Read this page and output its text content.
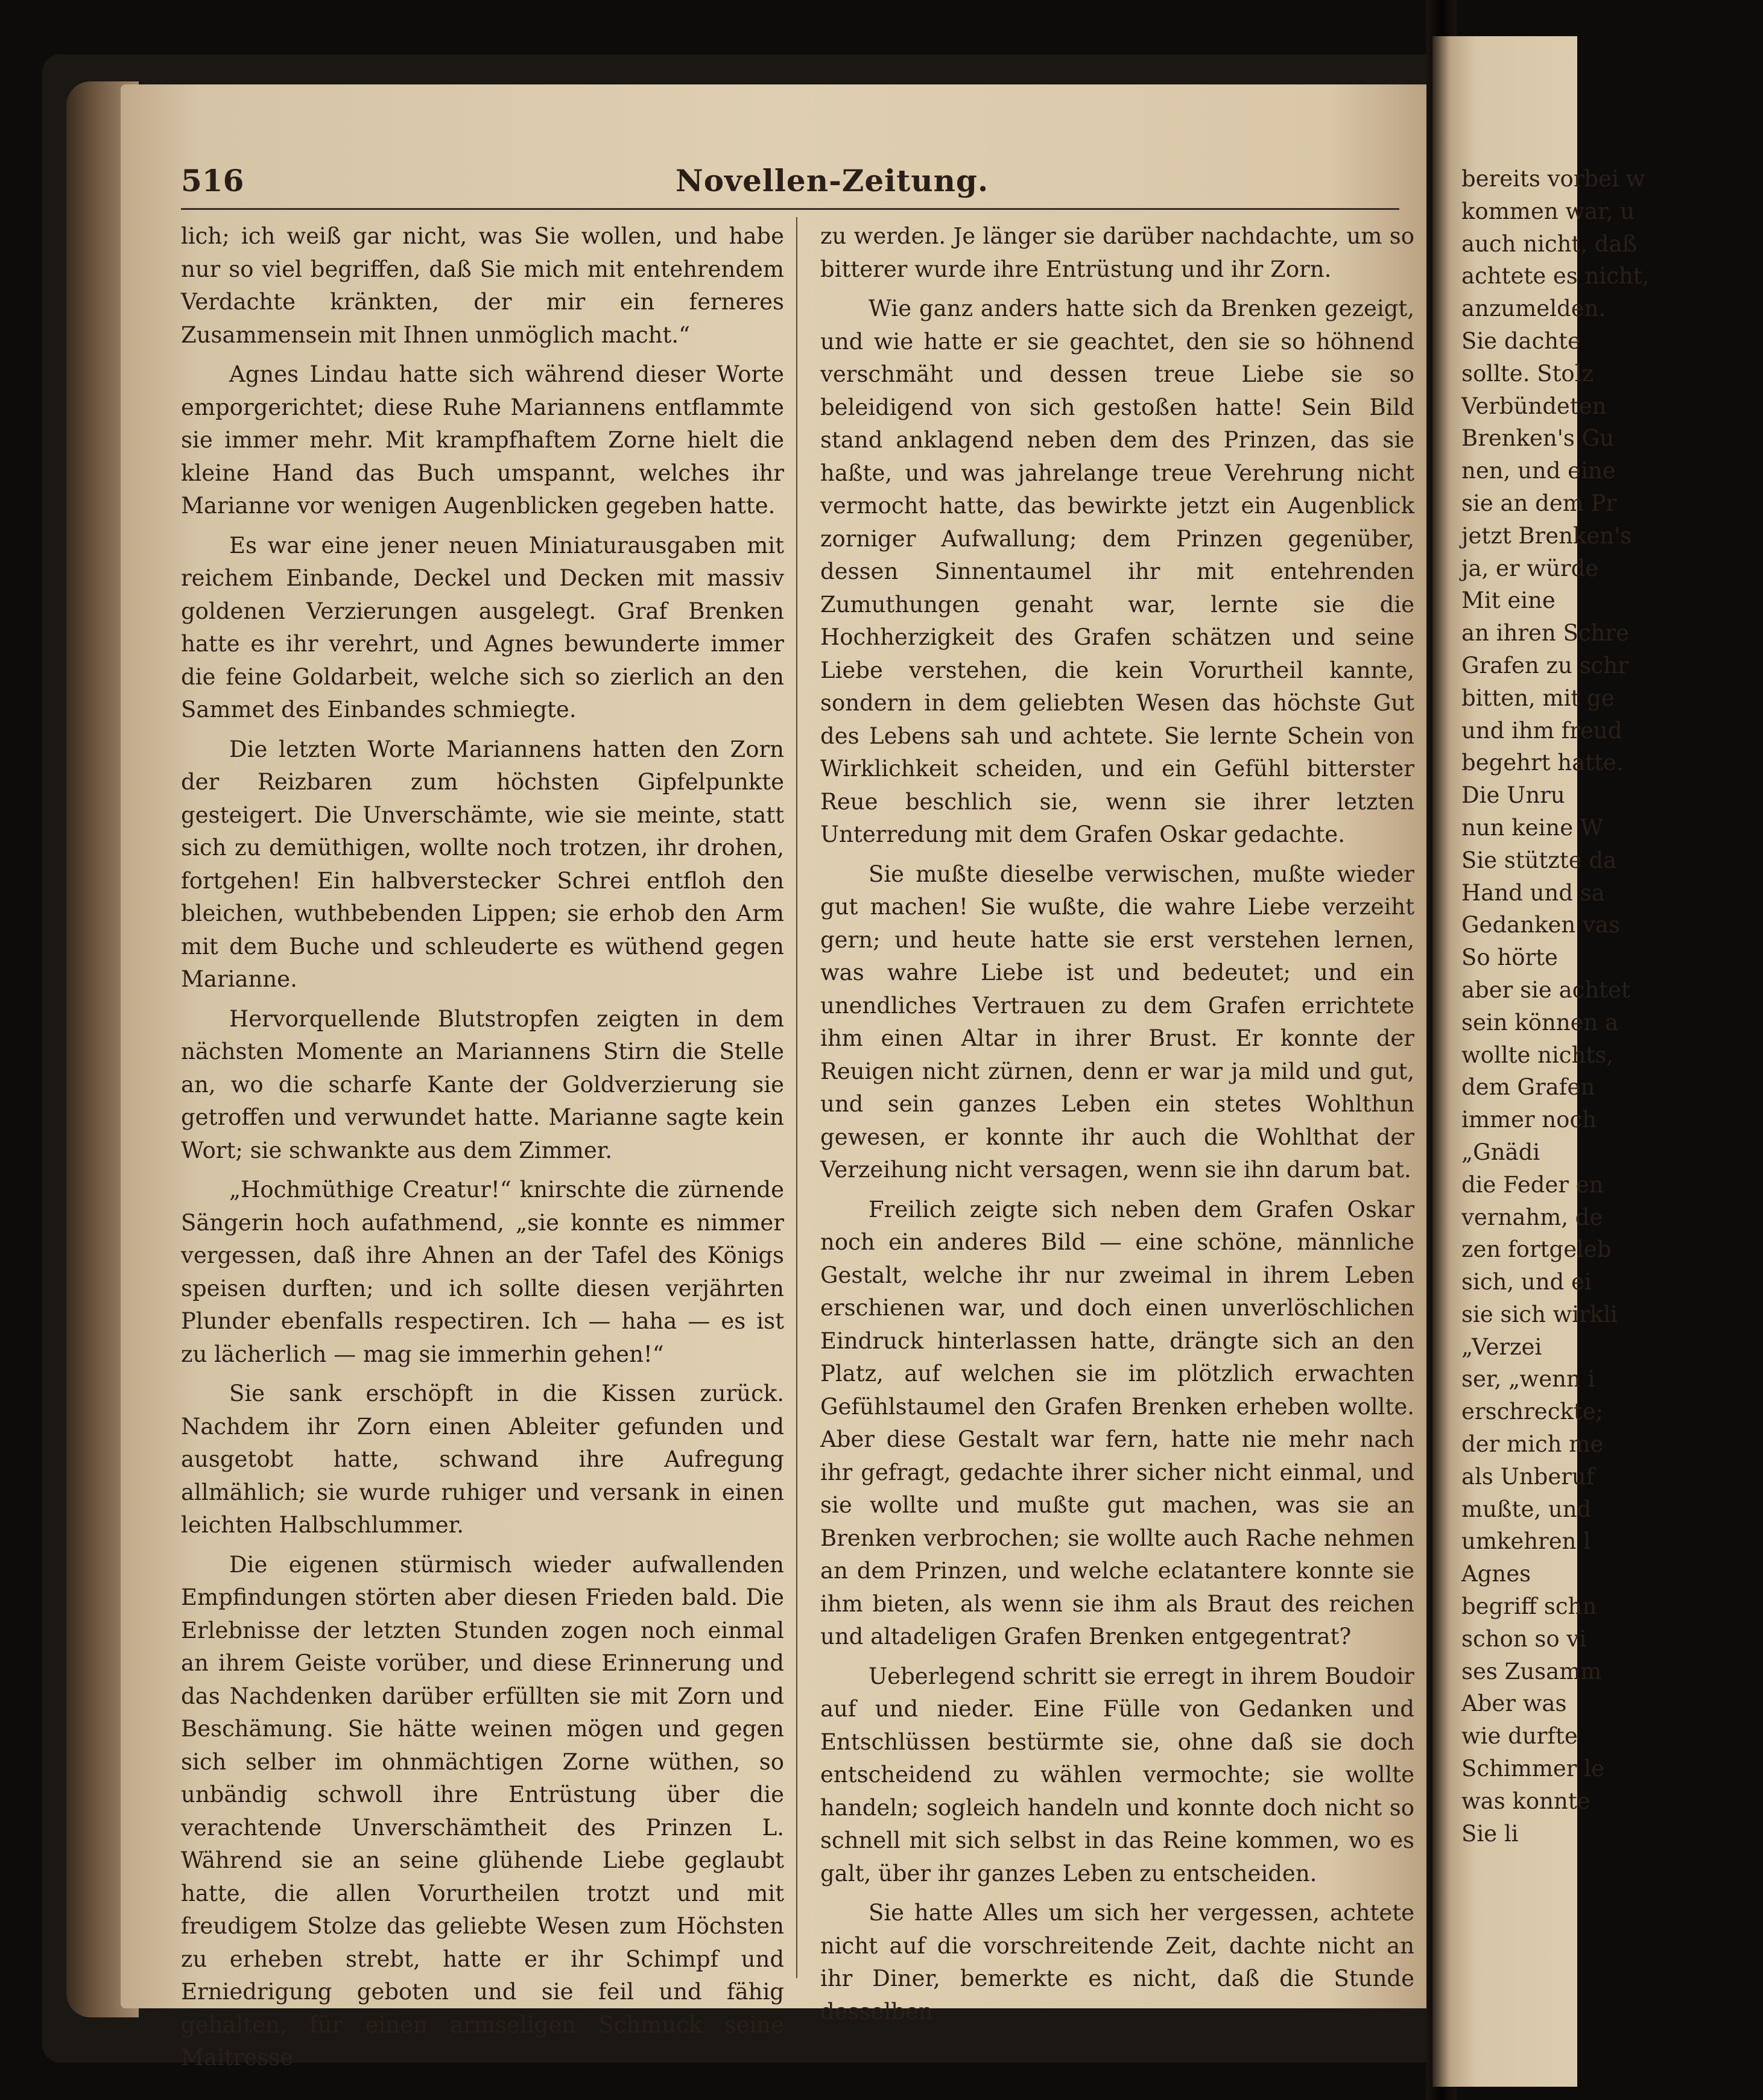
516	Novellen-Zeitung.

lich; ich weiß gar nicht, was Sie wollen, und habe nur so viel begriffen, daß Sie mich mit entehrendem Verdachte kränkten, der mir ein ferneres Zusammensein mit Ihnen unmöglich macht.“

Agnes Lindau hatte sich während dieser Worte emporgerichtet; diese Ruhe Mariannens entflammte sie immer mehr. Mit krampfhaftem Zorne hielt die kleine Hand das Buch umspannt, welches ihr Marianne vor wenigen Augenblicken gegeben hatte.

Es war eine jener neuen Miniaturausgaben mit reichem Einbande, Deckel und Decken mit massiv goldenen Verzierungen ausgelegt. Graf Brenken hatte es ihr verehrt, und Agnes bewunderte immer die feine Goldarbeit, welche sich so zierlich an den Sammet des Einbandes schmiegte.

Die letzten Worte Mariannens hatten den Zorn der Reizbaren zum höchsten Gipfelpunkte gesteigert. Die Unverschämte, wie sie meinte, statt sich zu demüthigen, wollte noch trotzen, ihr drohen, fortgehen! Ein halbverstecker Schrei entfloh den bleichen, wuthbebenden Lippen; sie erhob den Arm mit dem Buche und schleuderte es wüthend gegen Marianne.

Hervorquellende Blutstropfen zeigten in dem nächsten Momente an Mariannens Stirn die Stelle an, wo die scharfe Kante der Goldverzierung sie getroffen und verwundet hatte. Marianne sagte kein Wort; sie schwankte aus dem Zimmer.

„Hochmüthige Creatur!“ knirschte die zürnende Sängerin hoch aufathmend, „sie konnte es nimmer vergessen, daß ihre Ahnen an der Tafel des Königs speisen durften; und ich sollte diesen verjährten Plunder ebenfalls respectiren. Ich — haha — es ist zu lächerlich — mag sie immerhin gehen!“

Sie sank erschöpft in die Kissen zurück. Nachdem ihr Zorn einen Ableiter gefunden und ausgetobt hatte, schwand ihre Aufregung allmählich; sie wurde ruhiger und versank in einen leichten Halbschlummer.

Die eigenen stürmisch wieder aufwallenden Empfindungen störten aber diesen Frieden bald. Die Erlebnisse der letzten Stunden zogen noch einmal an ihrem Geiste vorüber, und diese Erinnerung und das Nachdenken darüber erfüllten sie mit Zorn und Beschämung. Sie hätte weinen mögen und gegen sich selber im ohnmächtigen Zorne wüthen, so unbändig schwoll ihre Entrüstung über die verachtende Unverschämtheit des Prinzen L. Während sie an seine glühende Liebe geglaubt hatte, die allen Vorurtheilen trotzt und mit freudigem Stolze das geliebte Wesen zum Höchsten zu erheben strebt, hatte er ihr Schimpf und Erniedrigung geboten und sie feil und fähig gehalten, für einen armseligen Schmuck seine Maitresse

zu werden. Je länger sie darüber nachdachte, um so bitterer wurde ihre Entrüstung und ihr Zorn.

Wie ganz anders hatte sich da Brenken gezeigt, und wie hatte er sie geachtet, den sie so höhnend verschmäht und dessen treue Liebe sie so beleidigend von sich gestoßen hatte! Sein Bild stand anklagend neben dem des Prinzen, das sie haßte, und was jahrelange treue Verehrung nicht vermocht hatte, das bewirkte jetzt ein Augenblick zorniger Aufwallung; dem Prinzen gegenüber, dessen Sinnentaumel ihr mit entehrenden Zumuthungen genaht war, lernte sie die Hochherzigkeit des Grafen schätzen und seine Liebe verstehen, die kein Vorurtheil kannte, sondern in dem geliebten Wesen das höchste Gut des Lebens sah und achtete. Sie lernte Schein von Wirklichkeit scheiden, und ein Gefühl bitterster Reue beschlich sie, wenn sie ihrer letzten Unterredung mit dem Grafen Oskar gedachte.

Sie mußte dieselbe verwischen, mußte wieder gut machen! Sie wußte, die wahre Liebe verzeiht gern; und heute hatte sie erst verstehen lernen, was wahre Liebe ist und bedeutet; und ein unendliches Vertrauen zu dem Grafen errichtete ihm einen Altar in ihrer Brust. Er konnte der Reuigen nicht zürnen, denn er war ja mild und gut, und sein ganzes Leben ein stetes Wohlthun gewesen, er konnte ihr auch die Wohlthat der Verzeihung nicht versagen, wenn sie ihn darum bat.

Freilich zeigte sich neben dem Grafen Oskar noch ein anderes Bild — eine schöne, männliche Gestalt, welche ihr nur zweimal in ihrem Leben erschienen war, und doch einen unverlöschlichen Eindruck hinterlassen hatte, drängte sich an den Platz, auf welchen sie im plötzlich erwachten Gefühlstaumel den Grafen Brenken erheben wollte. Aber diese Gestalt war fern, hatte nie mehr nach ihr gefragt, gedachte ihrer sicher nicht einmal, und sie wollte und mußte gut machen, was sie an Brenken verbrochen; sie wollte auch Rache nehmen an dem Prinzen, und welche eclatantere konnte sie ihm bieten, als wenn sie ihm als Braut des reichen und altadeligen Grafen Brenken entgegentrat?

Ueberlegend schritt sie erregt in ihrem Boudoir auf und nieder. Eine Fülle von Gedanken und Entschlüssen bestürmte sie, ohne daß sie doch entscheidend zu wählen vermochte; sie wollte handeln; sogleich handeln und konnte doch nicht so schnell mit sich selbst in das Reine kommen, wo es galt, über ihr ganzes Leben zu entscheiden.

Sie hatte Alles um sich her vergessen, achtete nicht auf die vorschreitende Zeit, dachte nicht an ihr Diner, bemerkte es nicht, daß die Stunde desselben

bereits vorbei w
kommen war, u
auch nicht, daß
achtete es nicht,
anzumelden.
Sie dachte
sollte. Stolz
Verbündeten
Brenken's Gu
nen, und eine
sie an dem Pr
jetzt Brenken's
ja, er würde
Mit eine
an ihren Schre
Grafen zu schr
bitten, mit ge
und ihm freud
begehrt hatte.
Die Unru
nun keine W
Sie stützte da
Hand und sa
Gedanken vas
So hörte
aber sie achtet
sein können a
wollte nichts,
dem Grafen
immer noch
„Gnädi
die Feder en
vernahm, de
zen fortgeleb
sich, und ei
sie sich wirkli
„Verzei
ser, „wenn i
erschreckte;
der mich me
als Unberuf
mußte, und
umkehren l
Agnes
begriff schn
schon so vi
ses Zusamm
Aber was
wie durfte
Schimmer le
was konnte
Sie li
